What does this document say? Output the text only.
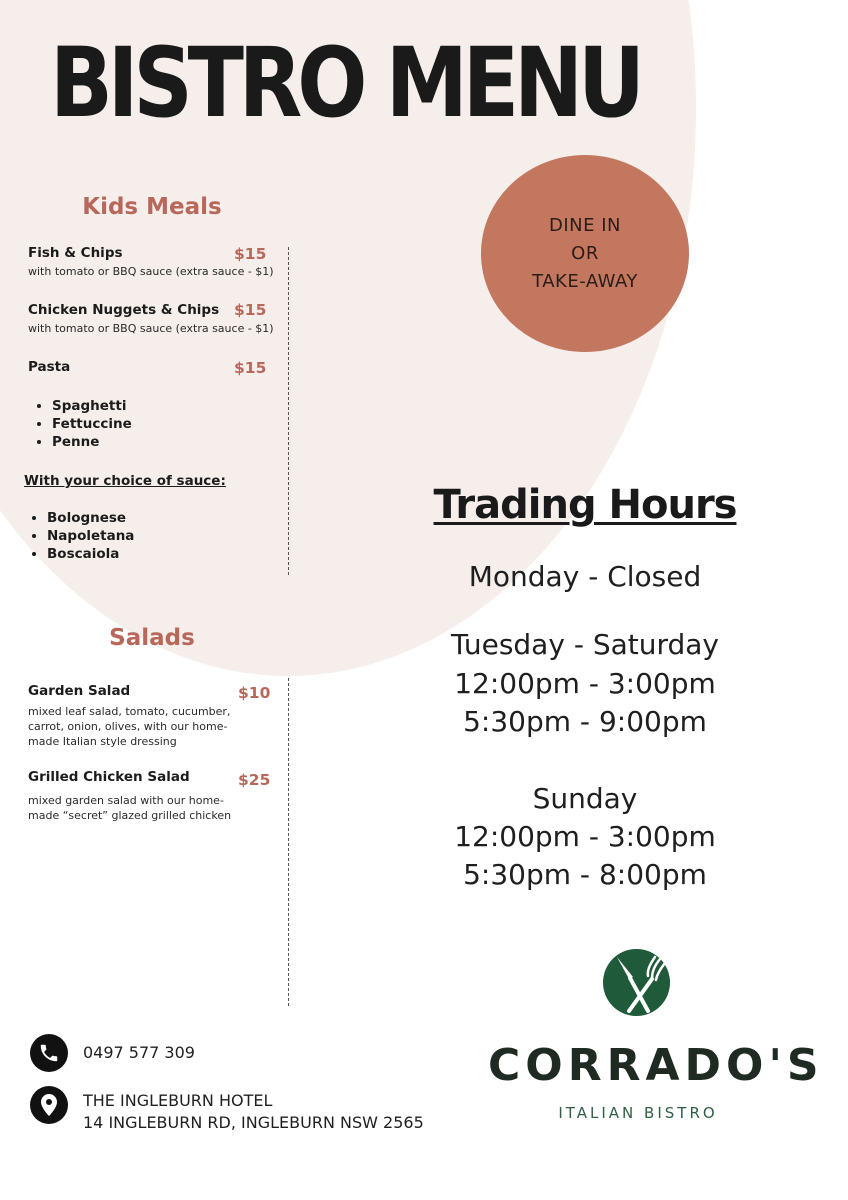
BISTRO MENU
Kids Meals
Fish & Chips	$15
with tomato or BBQ sauce (extra sauce - $1)
Chicken Nuggets & Chips $15
with tomato or BBQ sauce (extra sauce - $1)
Pasta	$15
• Spaghetti
• Fettuccine
• Penne
With your choice of sauce:
• Bolognese
• Napoletana
• Boscaiola
Salads
Garden Salad	$10
mixed leaf salad, tomato, cucumber,
carrot, onion, olives, with our home-
made Italian style dressing
Grilled Chicken Salad	$25
mixed garden salad with our home-
made “secret” glazed grilled chicken
DINE IN
OR
TAKE-AWAY
Trading Hours
Monday - Closed
Tuesday - Saturday
12:00pm - 3:00pm
5:30pm - 9:00pm
Sunday
12:00pm - 3:00pm
5:30pm - 8:00pm
CORRADO'S
ITALIAN BISTRO
0497 577 309
THE INGLEBURN HOTEL
14 INGLEBURN RD, INGLEBURN NSW 2565
